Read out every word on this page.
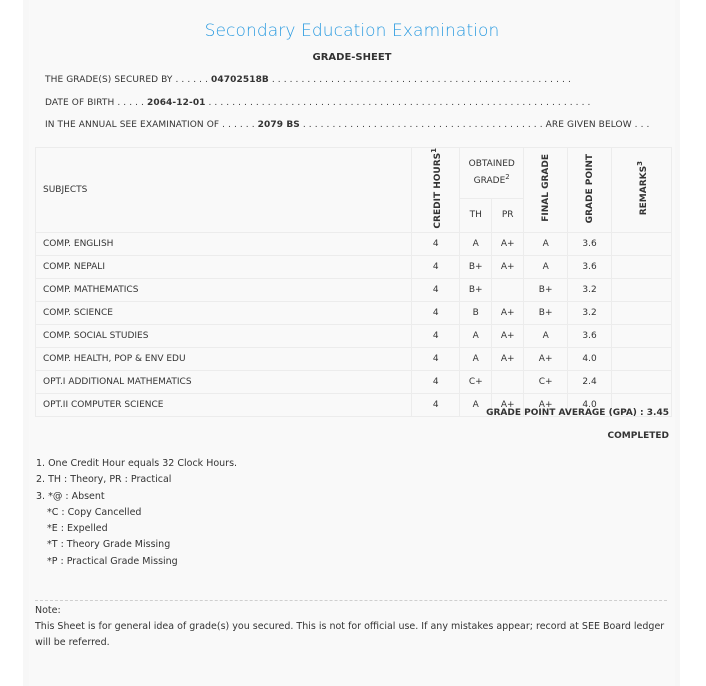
Secondary Education Examination
GRADE-SHEET
THE GRADE(S) SECURED BY . . . . . . 04702518B . . . . . . . . . . . . . . . . . . . . . . . . . . . . . . . . . . . . . . . . . . . . . . . . . . .
DATE OF BIRTH . . . . . 2064-12-01 . . . . . . . . . . . . . . . . . . . . . . . . . . . . . . . . . . . . . . . . . . . . . . . . . . . . . . . . . . . . . . . . .
IN THE ANNUAL SEE EXAMINATION OF . . . . . . 2079 BS . . . . . . . . . . . . . . . . . . . . . . . . . . . . . . . . . . . . . . . . . ARE GIVEN BELOW . . .
SUBJECTS	CREDIT HOURS$^1$	OBTAINED GRADE$^2$		FINAL GRADE	GRADE POINT	REMARKS$^3$
		TH	PR			
COMP. ENGLISH	4	A	A+	A	3.6	
COMP. NEPALI	4	B+	A+	A	3.6	
COMP. MATHEMATICS	4	B+		B+	3.2	
COMP. SCIENCE	4	B	A+	B+	3.2	
COMP. SOCIAL STUDIES	4	A	A+	A	3.6	
COMP. HEALTH, POP & ENV EDU	4	A	A+	A+	4.0	
OPT.I ADDITIONAL MATHEMATICS	4	C+		C+	2.4	
OPT.II COMPUTER SCIENCE	4	A	A+	A+	4.0	
GRADE POINT AVERAGE (GPA) : 3.45
COMPLETED
1. One Credit Hour equals 32 Clock Hours.
2. TH : Theory, PR : Practical
3. *@ : Absent
*C : Copy Cancelled
*E : Expelled
*T : Theory Grade Missing
*P : Practical Grade Missing
Note:
This Sheet is for general idea of grade(s) you secured. This is not for official use. If any mistakes appear; record at SEE Board ledger will be referred.
